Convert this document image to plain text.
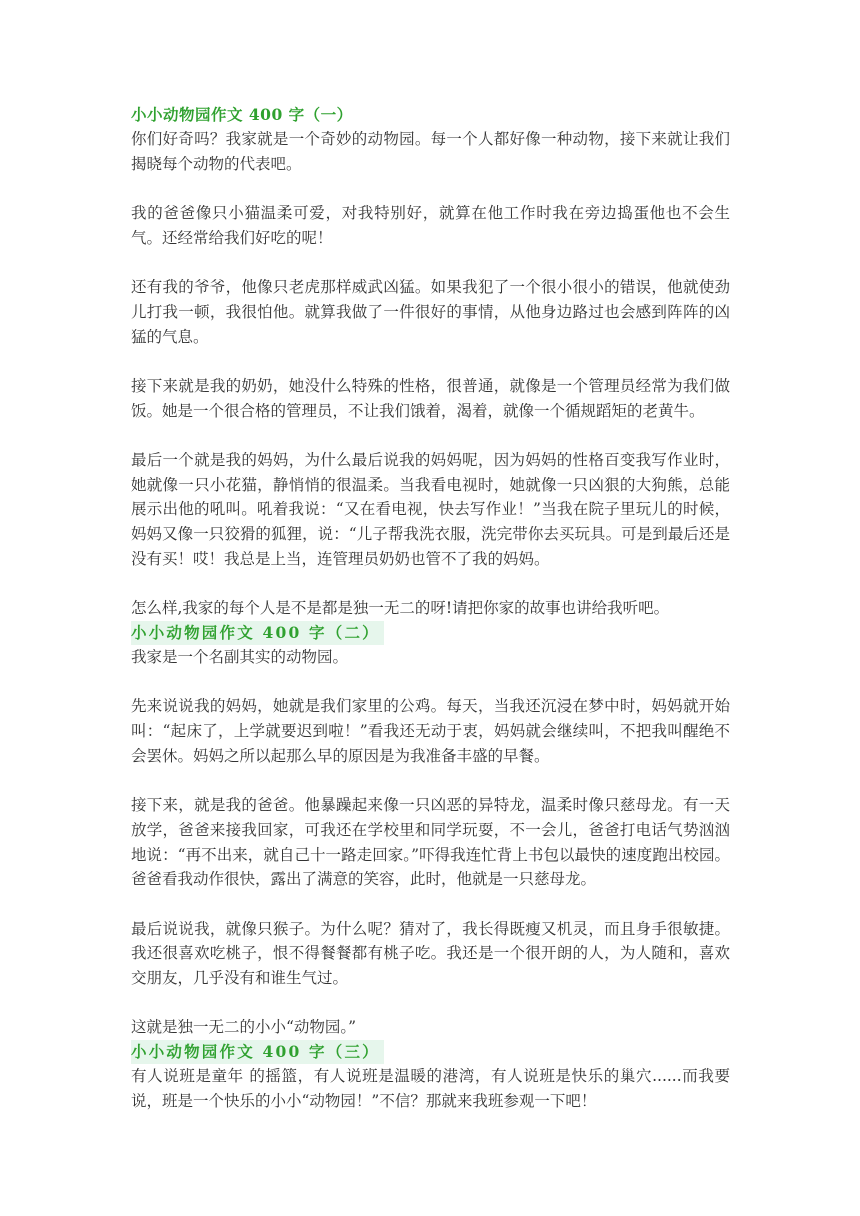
小小动物园作文 400 字（一）

你们好奇吗？我家就是一个奇妙的动物园。每一个人都好像一种动物，接下来就让我们揭晓每个动物的代表吧。

我的爸爸像只小猫温柔可爱，对我特别好，就算在他工作时我在旁边捣蛋他也不会生气。还经常给我们好吃的呢！

还有我的爷爷，他像只老虎那样威武凶猛。如果我犯了一个很小很小的错误，他就使劲儿打我一顿，我很怕他。就算我做了一件很好的事情，从他身边路过也会感到阵阵的凶猛的气息。

接下来就是我的奶奶，她没什么特殊的性格，很普通，就像是一个管理员经常为我们做饭。她是一个很合格的管理员，不让我们饿着，渴着，就像一个循规蹈矩的老黄牛。

最后一个就是我的妈妈，为什么最后说我的妈妈呢，因为妈妈的性格百变我写作业时，她就像一只小花猫，静悄悄的很温柔。当我看电视时，她就像一只凶狠的大狗熊，总能展示出他的吼叫。吼着我说：“又在看电视，快去写作业！”当我在院子里玩儿的时候，妈妈又像一只狡猾的狐狸，说：“儿子帮我洗衣服，洗完带你去买玩具。可是到最后还是没有买！哎！我总是上当，连管理员奶奶也管不了我的妈妈。

怎么样,我家的每个人是不是都是独一无二的呀!请把你家的故事也讲给我听吧。

小小动物园作文 400 字（二）

我家是一个名副其实的动物园。

先来说说我的妈妈，她就是我们家里的公鸡。每天，当我还沉浸在梦中时，妈妈就开始叫：“起床了，上学就要迟到啦！”看我还无动于衷，妈妈就会继续叫，不把我叫醒绝不会罢休。妈妈之所以起那么早的原因是为我准备丰盛的早餐。

接下来，就是我的爸爸。他暴躁起来像一只凶恶的异特龙，温柔时像只慈母龙。有一天放学，爸爸来接我回家，可我还在学校里和同学玩耍，不一会儿，爸爸打电话气势汹汹地说：“再不出来，就自己十一路走回家。”吓得我连忙背上书包以最快的速度跑出校园。爸爸看我动作很快，露出了满意的笑容，此时，他就是一只慈母龙。

最后说说我，就像只猴子。为什么呢？猜对了，我长得既瘦又机灵，而且身手很敏捷。我还很喜欢吃桃子，恨不得餐餐都有桃子吃。我还是一个很开朗的人，为人随和，喜欢交朋友，几乎没有和谁生气过。

这就是独一无二的小小“动物园。”

小小动物园作文 400 字（三）

有人说班是童年 的摇篮，有人说班是温暖的港湾，有人说班是快乐的巢穴......而我要说，班是一个快乐的小小“动物园！”不信？那就来我班参观一下吧！
